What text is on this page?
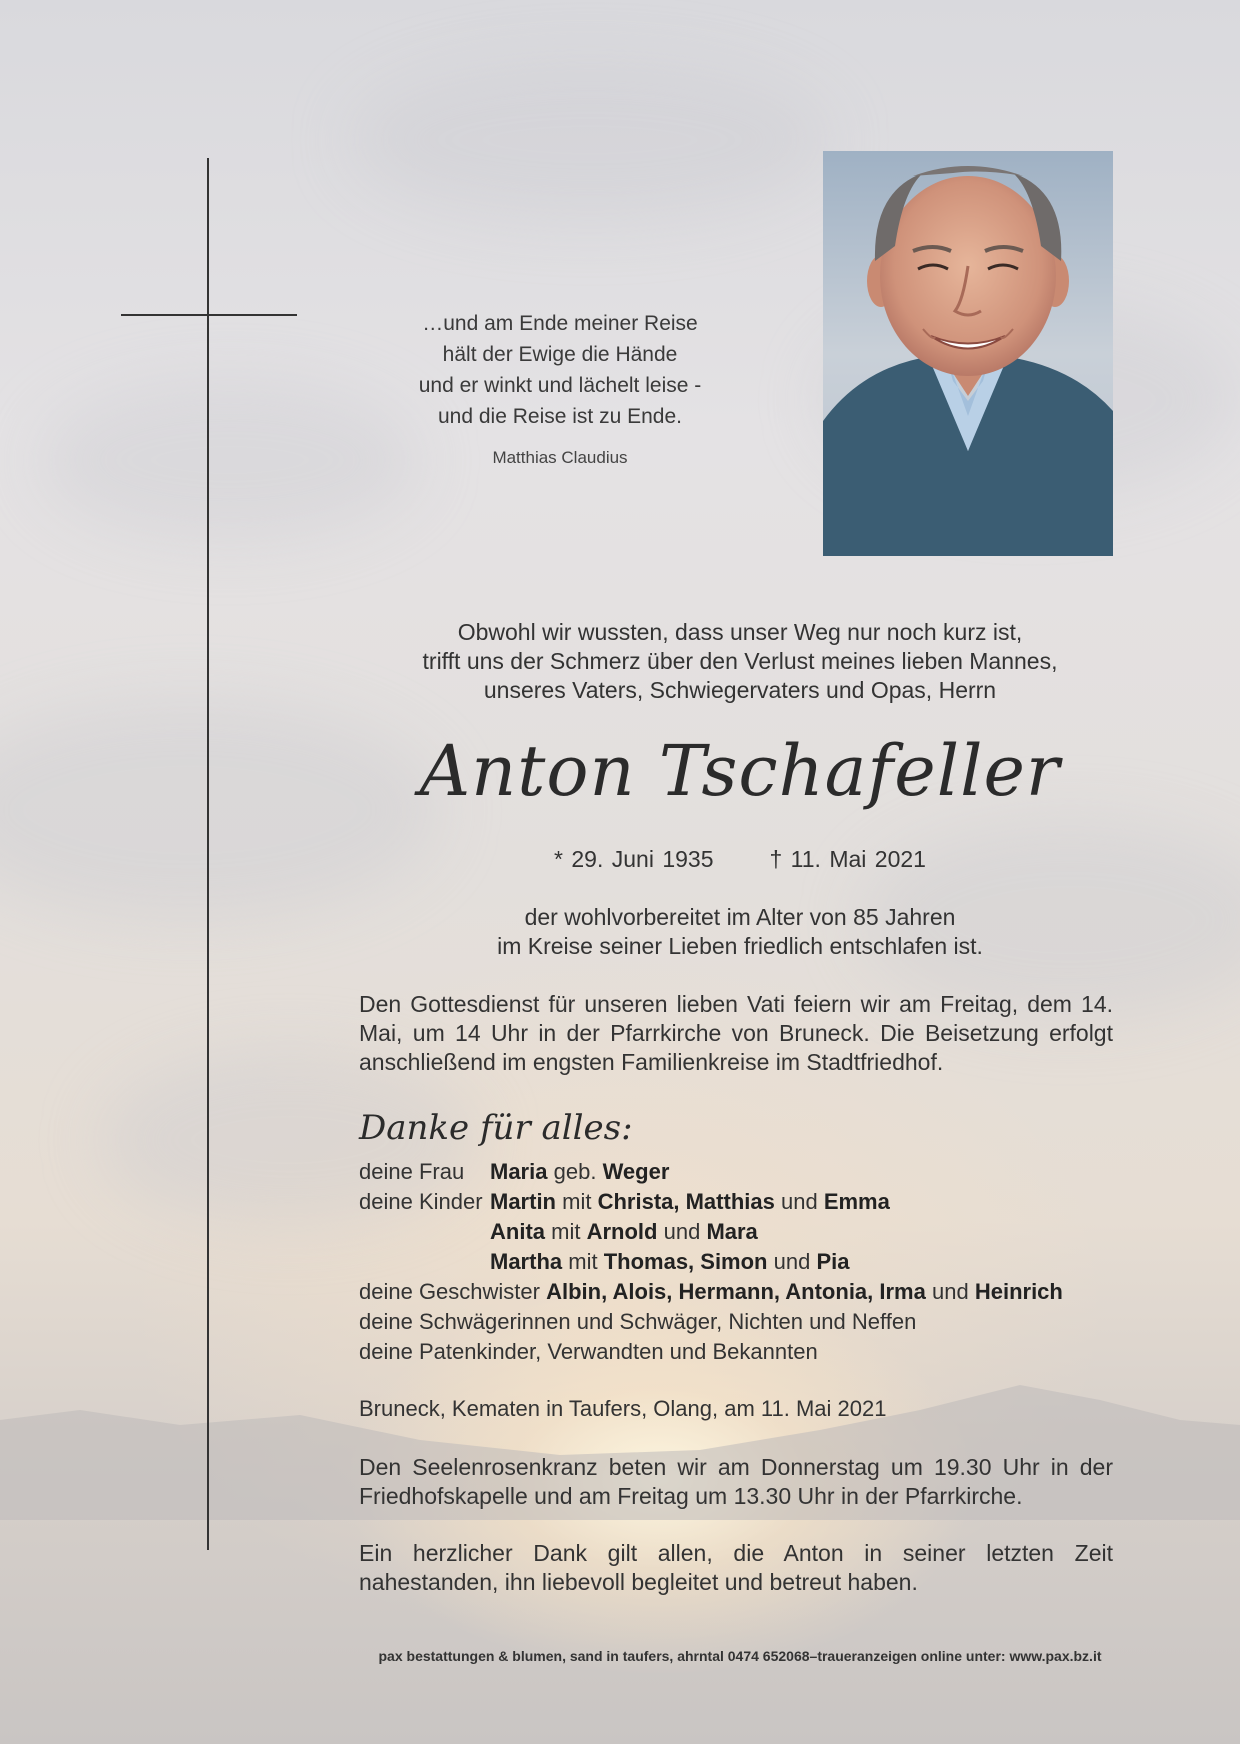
…und am Ende meiner Reise
hält der Ewige die Hände
und er winkt und lächelt leise -
und die Reise ist zu Ende.
Matthias Claudius
Obwohl wir wussten, dass unser Weg nur noch kurz ist,
trifft uns der Schmerz über den Verlust meines lieben Mannes,
unseres Vaters, Schwiegervaters und Opas, Herrn
Anton Tschafeller
* 29. Juni 1935 † 11. Mai 2021
der wohlvorbereitet im Alter von 85 Jahren
im Kreise seiner Lieben friedlich entschlafen ist.
Den Gottesdienst für unseren lieben Vati feiern wir am Freitag, dem 14. Mai, um 14 Uhr in der Pfarrkirche von Bruneck. Die Beisetzung erfolgt anschließend im engsten Familienkreise im Stadtfriedhof.
Danke für alles:
deine Frau Maria geb. Weger
deine Kinder Martin mit Christa, Matthias und Emma
Anita mit Arnold und Mara
Martha mit Thomas, Simon und Pia
deine Geschwister Albin, Alois, Hermann, Antonia, Irma und Heinrich
deine Schwägerinnen und Schwäger, Nichten und Neffen
deine Patenkinder, Verwandten und Bekannten
Bruneck, Kematen in Taufers, Olang, am 11. Mai 2021
Den Seelenrosenkranz beten wir am Donnerstag um 19.30 Uhr in der Friedhofskapelle und am Freitag um 13.30 Uhr in der Pfarrkirche.
Ein herzlicher Dank gilt allen, die Anton in seiner letzten Zeit nahestanden, ihn liebevoll begleitet und betreut haben.
pax bestattungen & blumen, sand in taufers, ahrntal 0474 652068–traueranzeigen online unter: www.pax.bz.it
